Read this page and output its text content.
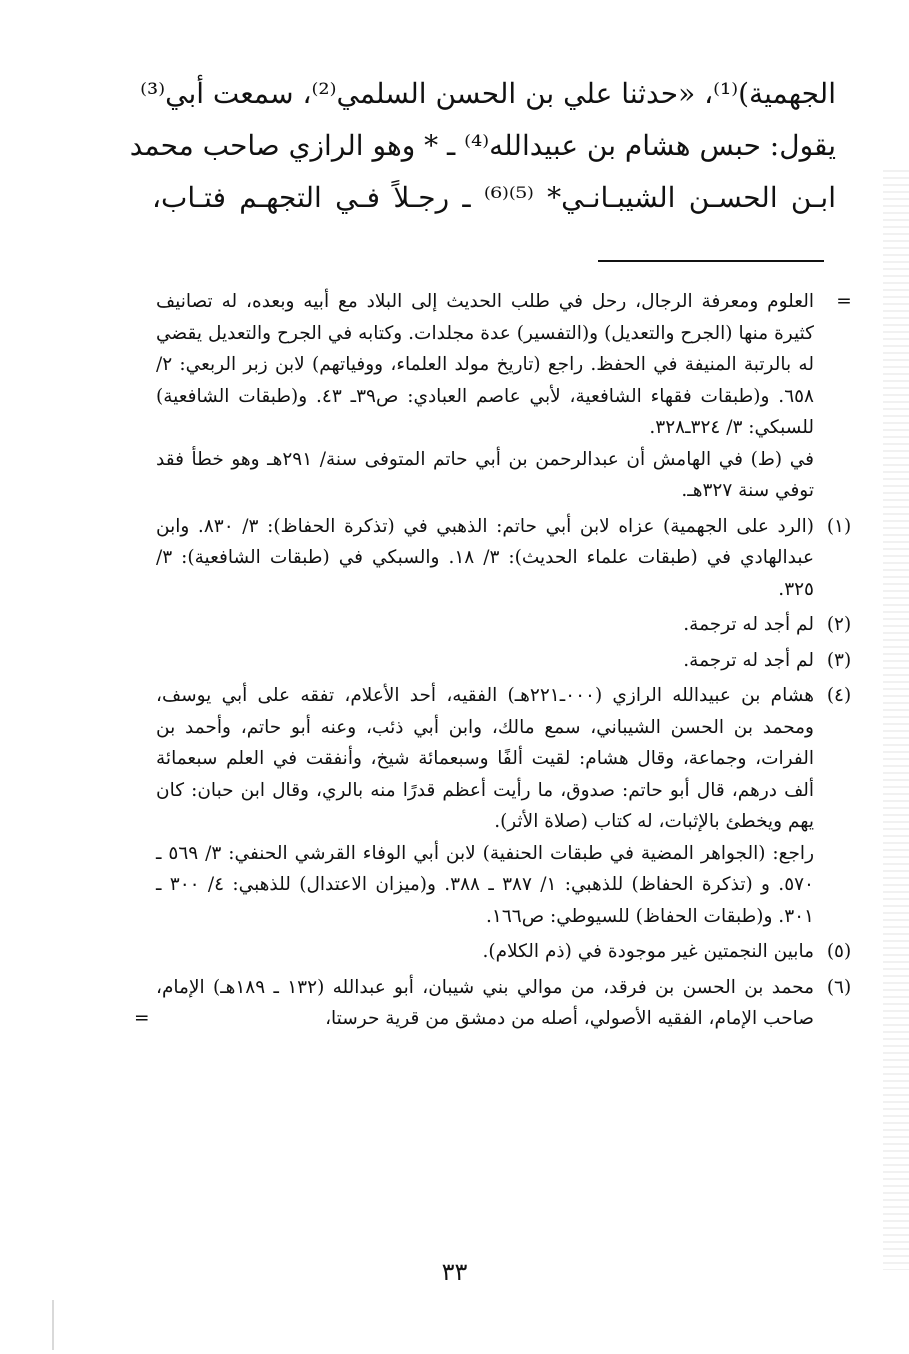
الجهمية)⁽¹⁾، «حدثنا علي بن الحسن السلمي⁽²⁾، سمعت أبي⁽³⁾
يقول: حبس هشام بن عبيدالله⁽⁴⁾ ـ * وهو الرازي صاحب محمد
ابـن الحسـن الشيبـانـي* ⁽⁵⁾⁽⁶⁾ ـ رجـلاً فـي التجهـم فتـاب،
=

العلوم ومعرفة الرجال، رحل في طلب الحديث إلى البلاد مع أبيه وبعده، له تصانيف كثيرة منها (الجرح والتعديل) و(التفسير) عدة مجلدات. وكتابه في الجرح والتعديل يقضي له بالرتبة المنيفة في الحفظ. راجع (تاريخ مولد العلماء، ووفياتهم) لابن زبر الربعي: ٢/ ٦٥٨. و(طبقات فقهاء الشافعية، لأبي عاصم العبادي: ص٣٩ـ ٤٣. و(طبقات الشافعية) للسبكي: ٣/ ٣٢٤ـ٣٢٨.

في (ط) في الهامش أن عبدالرحمن بن أبي حاتم المتوفى سنة/ ٢٩١هـ وهو خطأ فقد توفي سنة ٣٢٧هـ.

(١)

(الرد على الجهمية) عزاه لابن أبي حاتم: الذهبي في (تذكرة الحفاظ): ٣/ ٨٣٠. وابن عبدالهادي في (طبقات علماء الحديث): ٣/ ١٨. والسبكي في (طبقات الشافعية): ٣/ ٣٢٥.

(٢)

لم أجد له ترجمة.

(٣)

لم أجد له ترجمة.

(٤)

هشام بن عبيدالله الرازي (٠٠٠ـ٢٢١هـ) الفقيه، أحد الأعلام، تفقه على أبي يوسف، ومحمد بن الحسن الشيباني، سمع مالك، وابن أبي ذئب، وعنه أبو حاتم، وأحمد بن الفرات، وجماعة، وقال هشام: لقيت ألفًا وسبعمائة شيخ، وأنفقت في العلم سبعمائة ألف درهم، قال أبو حاتم: صدوق، ما رأيت أعظم قدرًا منه بالري، وقال ابن حبان: كان يهم ويخطئ بالإثبات، له كتاب (صلاة الأثر).

راجع: (الجواهر المضية في طبقات الحنفية) لابن أبي الوفاء القرشي الحنفي: ٣/ ٥٦٩ ـ ٥٧٠. و (تذكرة الحفاظ) للذهبي: ١/ ٣٨٧ ـ ٣٨٨. و(ميزان الاعتدال) للذهبي: ٤/ ٣٠٠ ـ ٣٠١. و(طبقات الحفاظ) للسيوطي: ص١٦٦.

(٥)

مابين النجمتين غير موجودة في (ذم الكلام).

(٦)

محمد بن الحسن بن فرقد، من موالي بني شيبان، أبو عبدالله (١٣٢ ـ ١٨٩هـ) الإمام، صاحب الإمام، الفقيه الأصولي، أصله من دمشق من قرية حرستا،

=
٣٣
